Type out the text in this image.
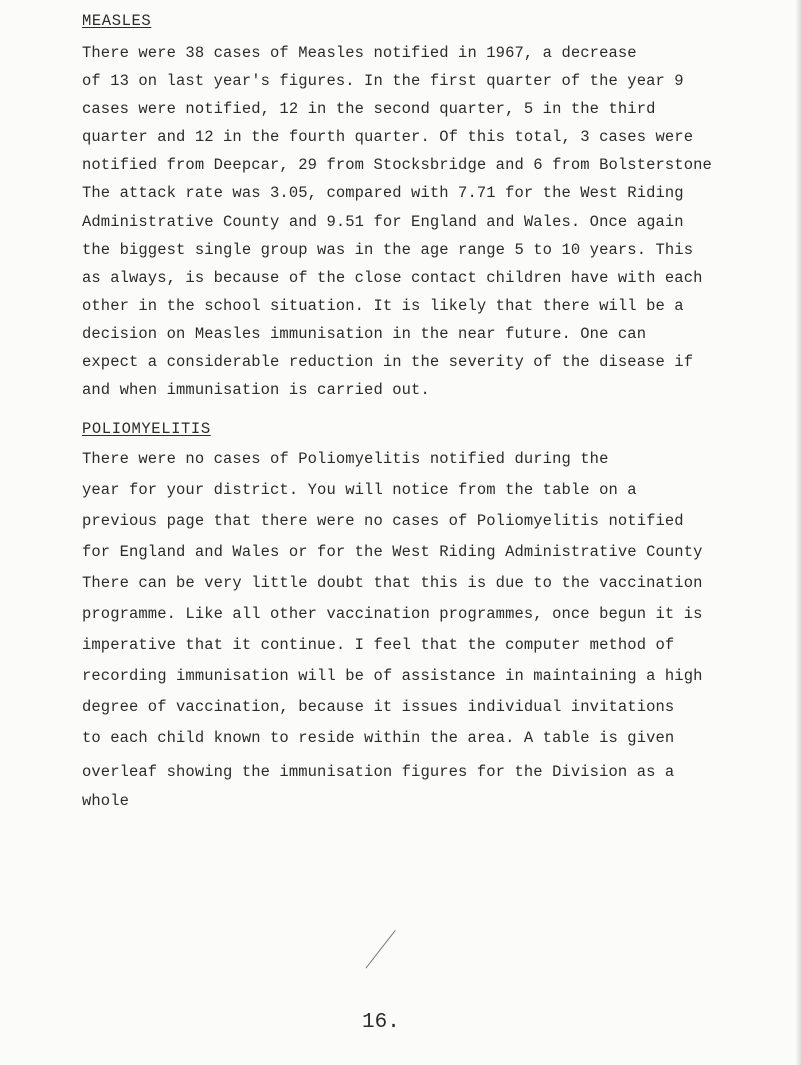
MEASLES
There were 38 cases of Measles notified in 1967, a decrease
of 13 on last year's figures. In the first quarter of the year 9
cases were notified, 12 in the second quarter, 5 in the third
quarter and 12 in the fourth quarter. Of this total, 3 cases were
notified from Deepcar, 29 from Stocksbridge and 6 from Bolsterstone
The attack rate was 3.05, compared with 7.71 for the West Riding
Administrative County and 9.51 for England and Wales. Once again
the biggest single group was in the age range 5 to 10 years. This
as always, is because of the close contact children have with each
other in the school situation. It is likely that there will be a
decision on Measles immunisation in the near future. One can
expect a considerable reduction in the severity of the disease if
and when immunisation is carried out.
POLIOMYELITIS
There were no cases of Poliomyelitis notified during the
year for your district. You will notice from the table on a
previous page that there were no cases of Poliomyelitis notified
for England and Wales or for the West Riding Administrative County
There can be very little doubt that this is due to the vaccination
programme. Like all other vaccination programmes, once begun it is
imperative that it continue. I feel that the computer method of
recording immunisation will be of assistance in maintaining a high
degree of vaccination, because it issues individual invitations
to each child known to reside within the area. A table is given
overleaf showing the immunisation figures for the Division as a
whole
16.
